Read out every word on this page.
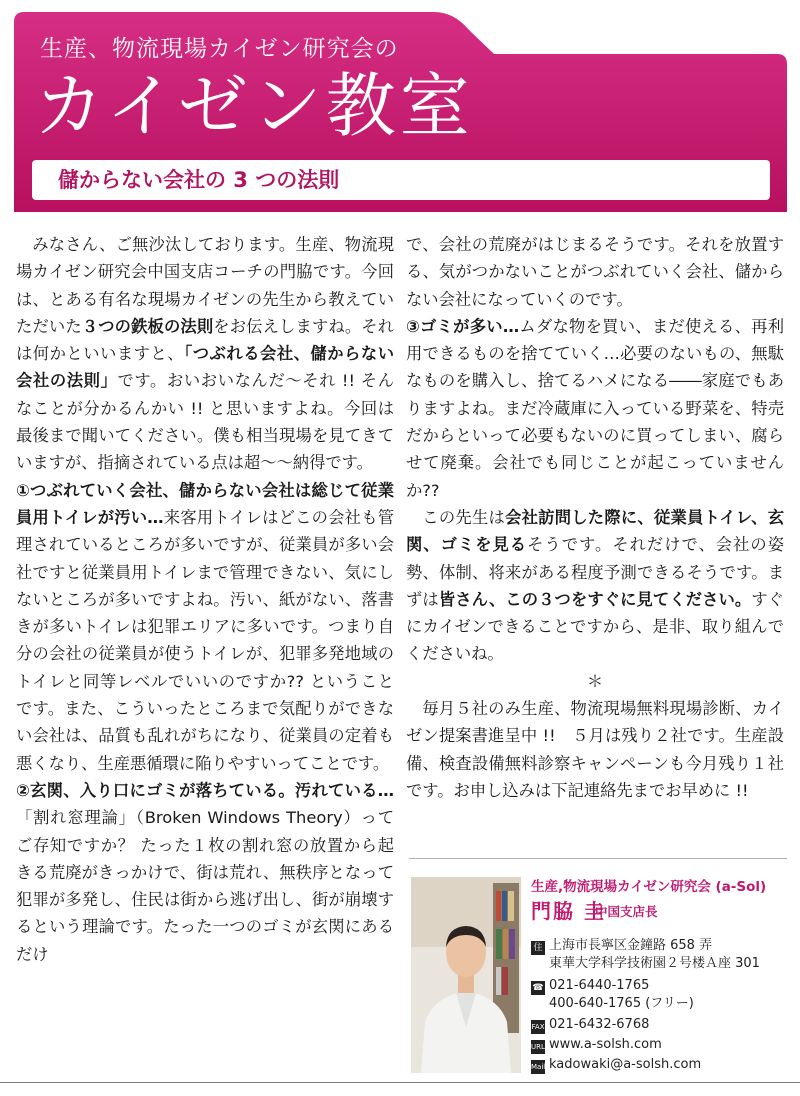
生産、物流現場カイゼン研究会の
カイゼン教室
儲からない会社の 3 つの法則

みなさん、ご無沙汰しております。生産、物流現場カイゼン研究会中国支店コーチの門脇です。今回は、とある有名な現場カイゼンの先生から教えていただいた３つの鉄板の法則をお伝えしますね。それは何かといいますと、「つぶれる会社、儲からない会社の法則」です。おいおいなんだ～それ !! そんなことが分かるんかい !! と思いますよね。今回は最後まで聞いてください。僕も相当現場を見てきていますが、指摘されている点は超～～納得です。

①つぶれていく会社、儲からない会社は総じて従業員用トイレが汚い…来客用トイレはどこの会社も管理されているところが多いですが、従業員が多い会社ですと従業員用トイレまで管理できない、気にしないところが多いですよね。汚い、紙がない、落書きが多いトイレは犯罪エリアに多いです。つまり自分の会社の従業員が使うトイレが、犯罪多発地域のトイレと同等レベルでいいのですか?? ということです。また、こういったところまで気配りができない会社は、品質も乱れがちになり、従業員の定着も悪くなり、生産悪循環に陥りやすいってことです。

②玄関、入り口にゴミが落ちている。汚れている…「割れ窓理論」（Broken Windows Theory）ってご存知ですか？ たった１枚の割れ窓の放置から起きる荒廃がきっかけで、街は荒れ、無秩序となって犯罪が多発し、住民は街から逃げ出し、街が崩壊するという理論です。たった一つのゴミが玄関にあるだけ

で、会社の荒廃がはじまるそうです。それを放置する、気がつかないことがつぶれていく会社、儲からない会社になっていくのです。

③ゴミが多い…ムダな物を買い、まだ使える、再利用できるものを捨てていく…必要のないもの、無駄なものを購入し、捨てるハメになる――家庭でもありますよね。まだ冷蔵庫に入っている野菜を、特売だからといって必要もないのに買ってしまい、腐らせて廃棄。会社でも同じことが起こっていませんか??

この先生は会社訪問した際に、従業員トイレ、玄関、ゴミを見るそうです。それだけで、会社の姿勢、体制、将来がある程度予測できるそうです。まずは皆さん、この３つをすぐに見てください。すぐにカイゼンできることですから、是非、取り組んでくださいね。

＊

毎月５社のみ生産、物流現場無料現場診断、カイゼン提案書進呈中 !!　５月は残り２社です。生産設備、検査設備無料診察キャンペーンも今月残り１社です。お申し込みは下記連絡先までお早めに !!

生産,物流現場カイゼン研究会 (a-Sol)
門脇 圭
中国支店長
住 上海市長寧区金鐘路 658 弄
東華大学科学技術園２号楼Ａ座 301
☎ 021-6440-1765
400-640-1765 (フリー)
FAX 021-6432-6768
URL www.a-solsh.com
Mail kadowaki@a-solsh.com
